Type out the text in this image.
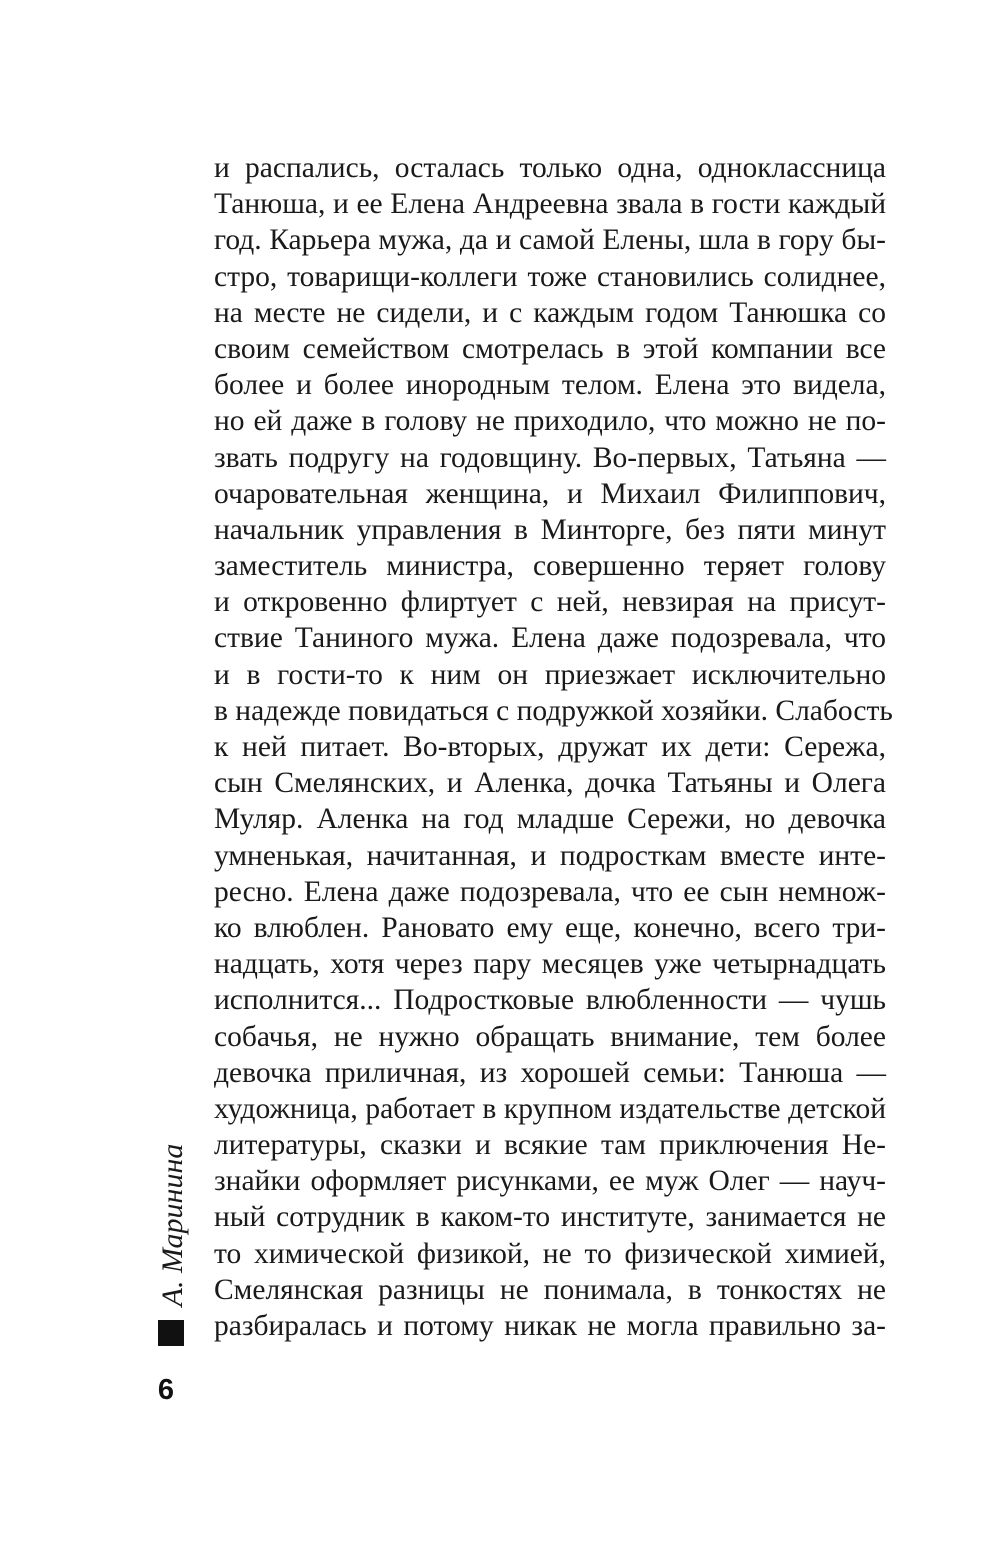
и распались, осталась только одна, одноклассница
Танюша, и ее Елена Андреевна звала в гости каждый
год. Карьера мужа, да и самой Елены, шла в гору бы-
стро, товарищи-коллеги тоже становились солиднее,
на месте не сидели, и с каждым годом Танюшка со
своим семейством смотрелась в этой компании все
более и более инородным телом. Елена это видела,
но ей даже в голову не приходило, что можно не по-
звать подругу на годовщину. Во-первых, Татьяна —
очаровательная женщина, и Михаил Филиппович,
начальник управления в Минторге, без пяти минут
заместитель министра, совершенно теряет голову
и откровенно флиртует с ней, невзирая на присут-
ствие Таниного мужа. Елена даже подозревала, что
и в гости-то к ним он приезжает исключительно
в надежде повидаться с подружкой хозяйки. Слабость
к ней питает. Во-вторых, дружат их дети: Сережа,
сын Смелянских, и Аленка, дочка Татьяны и Олега
Муляр. Аленка на год младше Сережи, но девочка
умненькая, начитанная, и подросткам вместе инте-
ресно. Елена даже подозревала, что ее сын немнож-
ко влюблен. Рановато ему еще, конечно, всего три-
надцать, хотя через пару месяцев уже четырнадцать
исполнится... Подростковые влюбленности — чушь
собачья, не нужно обращать внимание, тем более
девочка приличная, из хорошей семьи: Танюша —
художница, работает в крупном издательстве детской
литературы, сказки и всякие там приключения Не-
знайки оформляет рисунками, ее муж Олег — науч-
ный сотрудник в каком-то институте, занимается не
то химической физикой, не то физической химией,
Смелянская разницы не понимала, в тонкостях не
разбиралась и потому никак не могла правильно за-
А. Маринина
6
